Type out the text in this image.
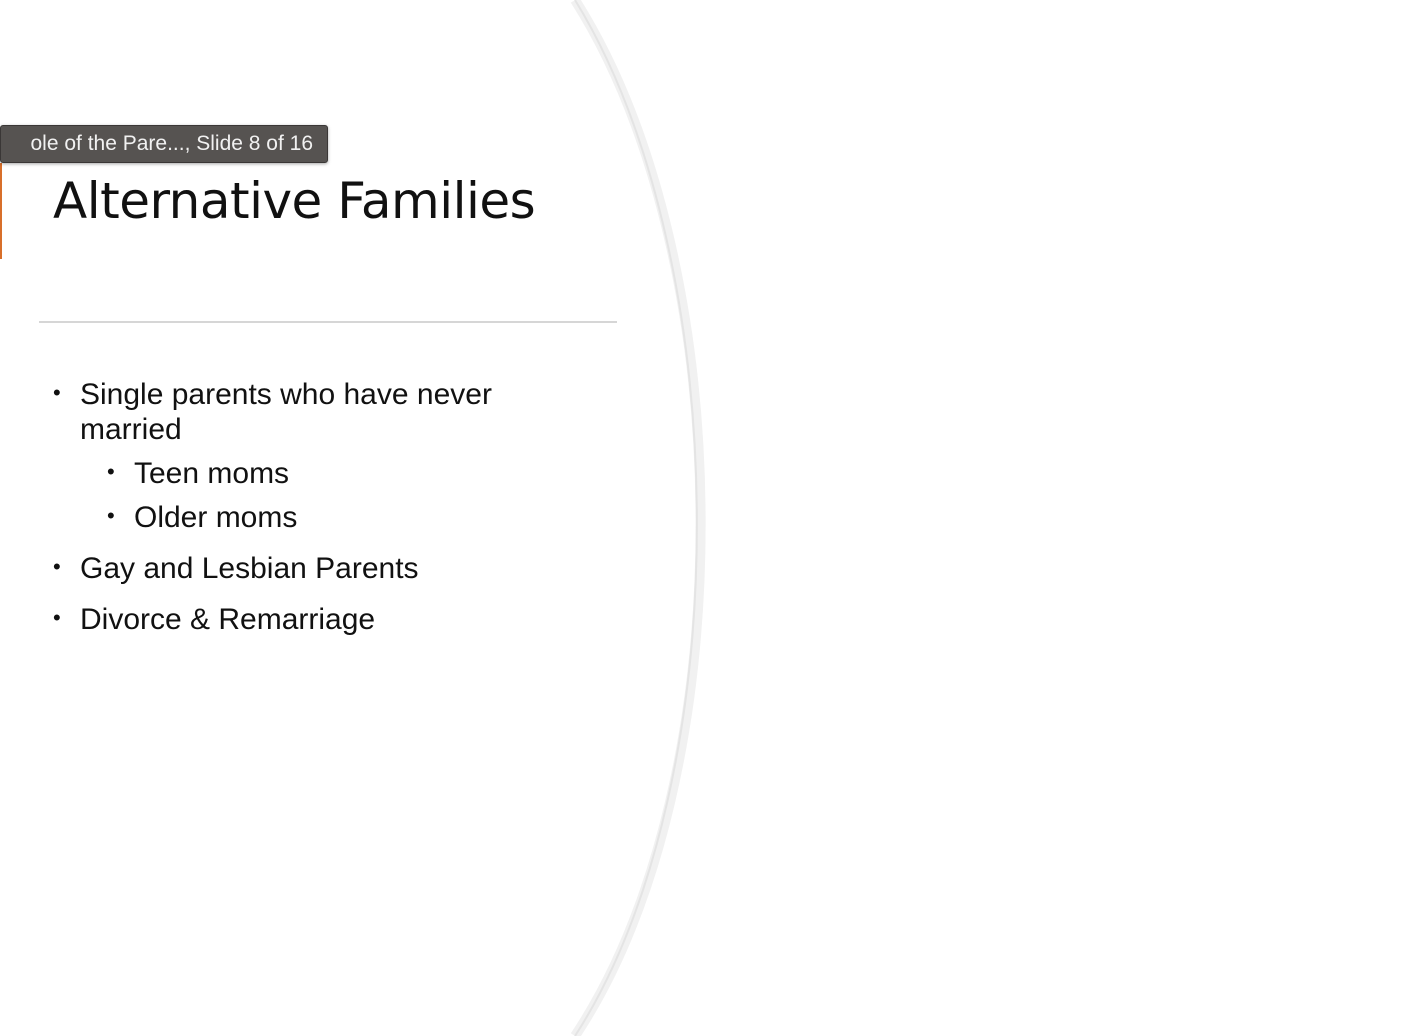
ole of the Pare..., Slide 8 of 16
Alternative Families
• Single parents who have never
married
• Teen moms
• Older moms
• Gay and Lesbian Parents
• Divorce & Remarriage
